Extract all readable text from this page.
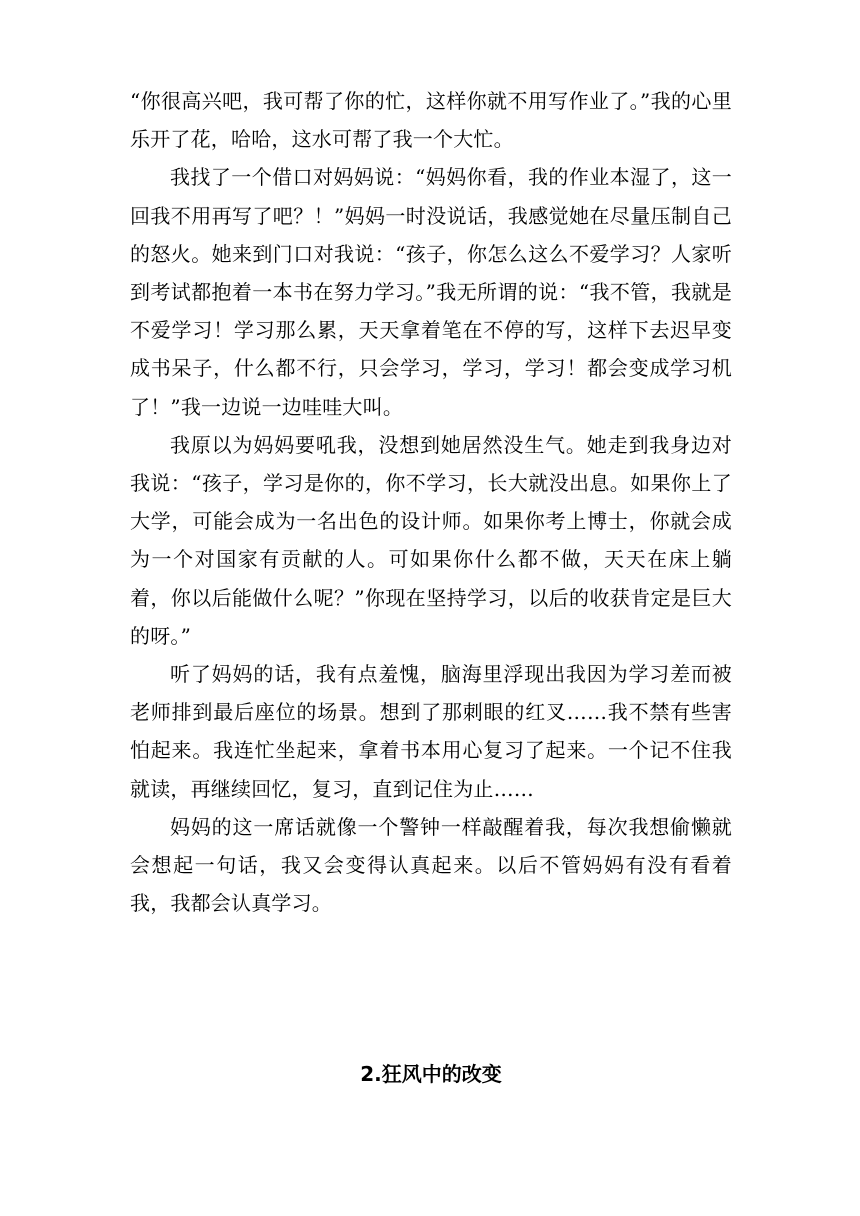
“你很高兴吧，我可帮了你的忙，这样你就不用写作业了。”我的心里乐开了花，哈哈，这水可帮了我一个大忙。

我找了一个借口对妈妈说：“妈妈你看，我的作业本湿了，这一回我不用再写了吧？！”妈妈一时没说话，我感觉她在尽量压制自己的怒火。她来到门口对我说：“孩子，你怎么这么不爱学习？人家听到考试都抱着一本书在努力学习。”我无所谓的说：“我不管，我就是不爱学习！学习那么累，天天拿着笔在不停的写，这样下去迟早变成书呆子，什么都不行，只会学习，学习，学习！都会变成学习机了！”我一边说一边哇哇大叫。

我原以为妈妈要吼我，没想到她居然没生气。她走到我身边对我说：“孩子，学习是你的，你不学习，长大就没出息。如果你上了大学，可能会成为一名出色的设计师。如果你考上博士，你就会成为一个对国家有贡献的人。可如果你什么都不做，天天在床上躺着，你以后能做什么呢？”你现在坚持学习，以后的收获肯定是巨大的呀。”

听了妈妈的话，我有点羞愧，脑海里浮现出我因为学习差而被老师排到最后座位的场景。想到了那刺眼的红叉……我不禁有些害怕起来。我连忙坐起来，拿着书本用心复习了起来。一个记不住我就读，再继续回忆，复习，直到记住为止……

妈妈的这一席话就像一个警钟一样敲醒着我，每次我想偷懒就会想起一句话，我又会变得认真起来。以后不管妈妈有没有看着我，我都会认真学习。

2.狂风中的改变
